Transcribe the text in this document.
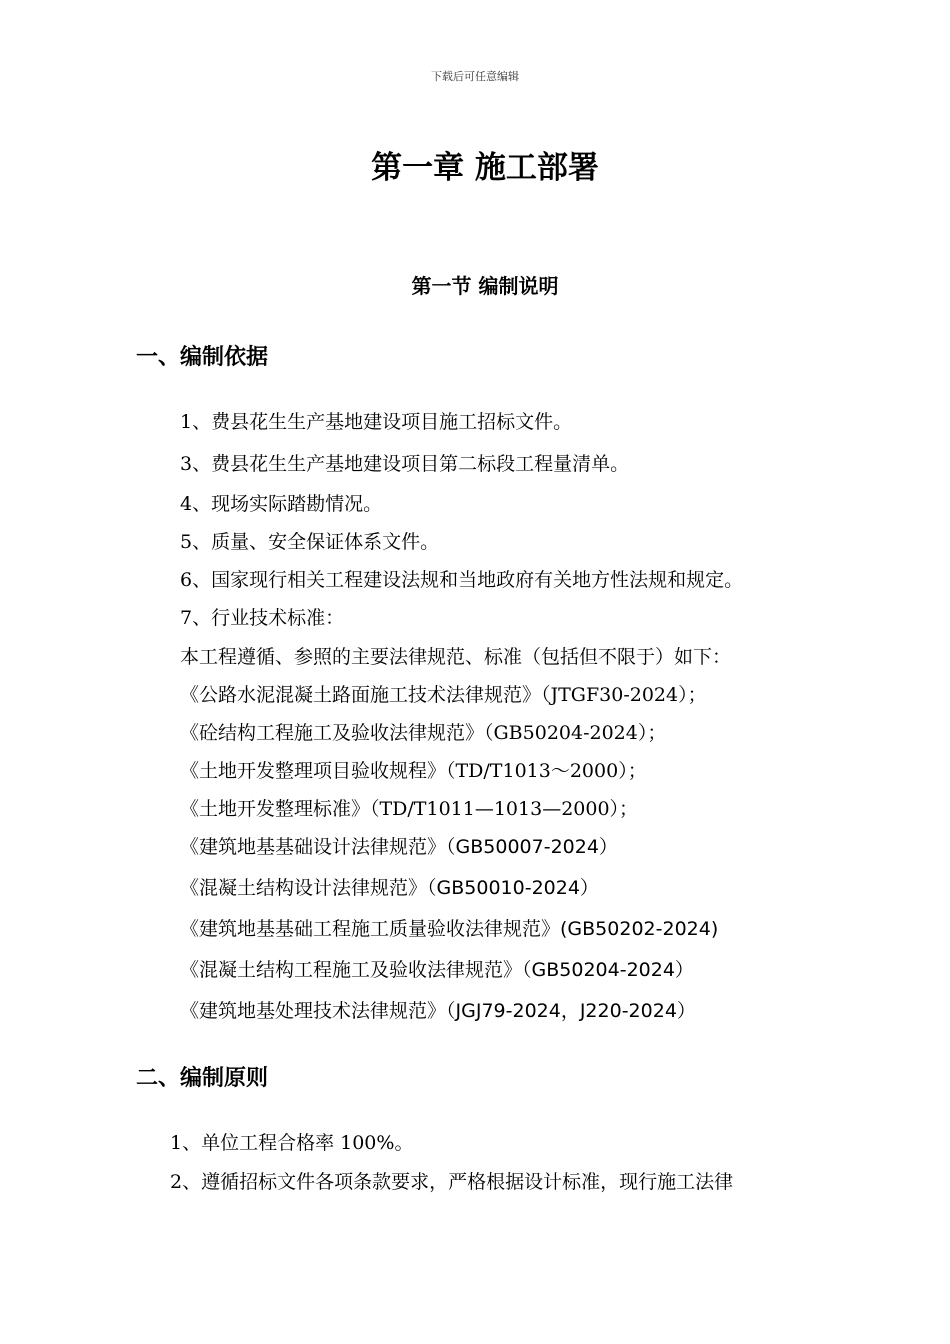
下载后可任意编辑
第一章 施工部署
第一节 编制说明
一、编制依据
1、费县花生生产基地建设项目施工招标文件。
3、费县花生生产基地建设项目第二标段工程量清单。
4、现场实际踏勘情况。
5、质量、安全保证体系文件。
6、国家现行相关工程建设法规和当地政府有关地方性法规和规定。
7、行业技术标准：
本工程遵循、参照的主要法律规范、标准（包括但不限于）如下：
《公路水泥混凝土路面施工技术法律规范》（JTGF30-2024）；
《砼结构工程施工及验收法律规范》（GB50204-2024）；
《土地开发整理项目验收规程》（TD/T1013～2000）；
《土地开发整理标准》（TD/T1011—1013—2000）；
《建筑地基基础设计法律规范》（GB50007-2024）
《混凝土结构设计法律规范》（GB50010-2024）
《建筑地基基础工程施工质量验收法律规范》(GB50202-2024)
《混凝土结构工程施工及验收法律规范》（GB50204-2024）
《建筑地基处理技术法律规范》（JGJ79-2024，J220-2024）
二、编制原则
1、单位工程合格率 100%。
2、遵循招标文件各项条款要求，严格根据设计标准，现行施工法律
